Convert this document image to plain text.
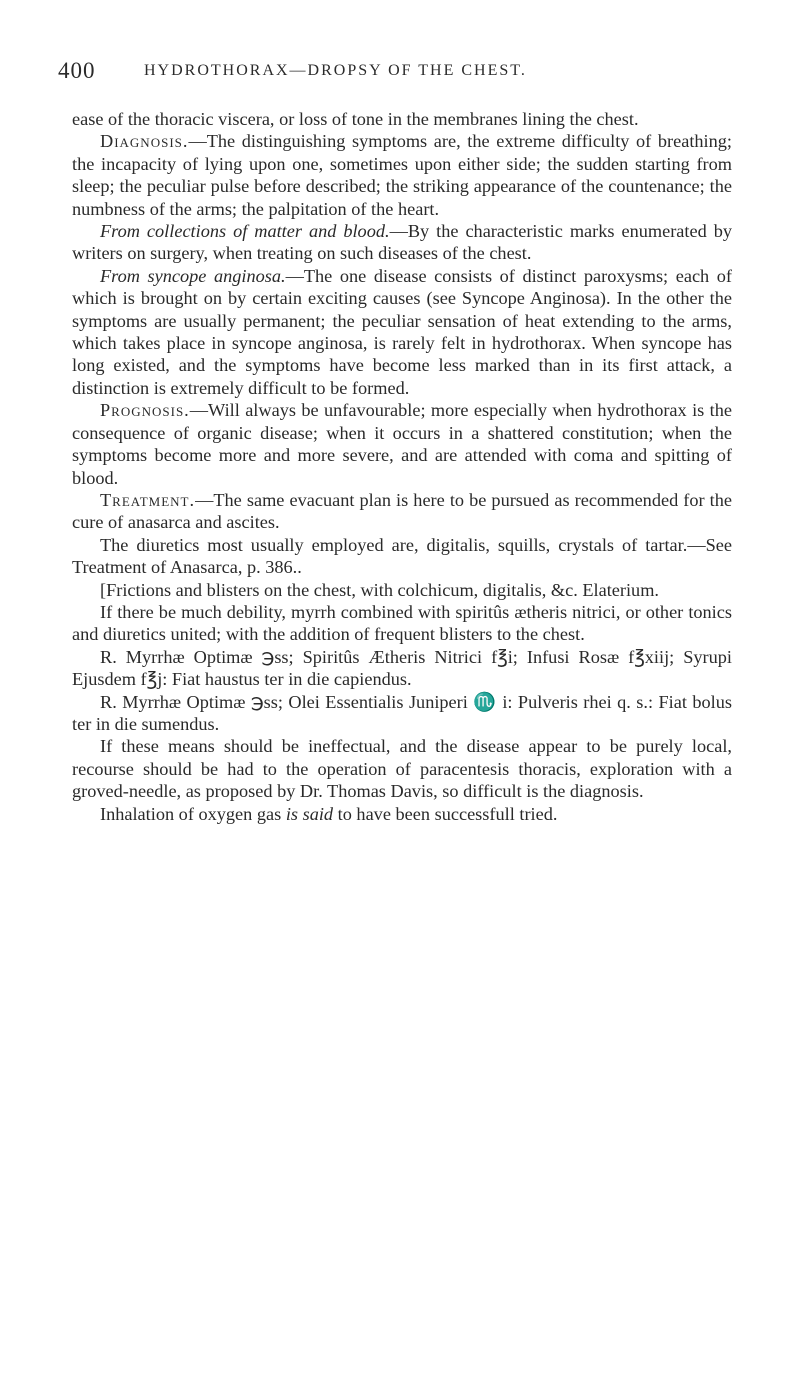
400	HYDROTHORAX—DROPSY OF THE CHEST.

ease of the thoracic viscera, or loss of tone in the membranes lining the chest.

Diagnosis.—The distinguishing symptoms are, the extreme difficulty of breathing; the incapacity of lying upon one, sometimes upon either side; the sudden starting from sleep; the peculiar pulse before described; the striking appearance of the countenance; the numbness of the arms; the palpitation of the heart.

From collections of matter and blood.—By the characteristic marks enumerated by writers on surgery, when treating on such diseases of the chest.

From syncope anginosa.—The one disease consists of distinct paroxysms; each of which is brought on by certain exciting causes (see Syncope Anginosa). In the other the symptoms are usually permanent; the peculiar sensation of heat extending to the arms, which takes place in syncope anginosa, is rarely felt in hydrothorax. When syncope has long existed, and the symptoms have become less marked than in its first attack, a distinction is extremely difficult to be formed.

Prognosis.—Will always be unfavourable; more especially when hydrothorax is the consequence of organic disease; when it occurs in a shattered constitution; when the symptoms become more and more severe, and are attended with coma and spitting of blood.

Treatment.—The same evacuant plan is here to be pursued as recommended for the cure of anasarca and ascites.

The diuretics most usually employed are, digitalis, squills, crystals of tartar.—See Treatment of Anasarca, p. 386..

[Frictions and blisters on the chest, with colchicum, digitalis, &c. Elaterium.

If there be much debility, myrrh combined with spiritûs ætheris nitrici, or other tonics and diuretics united; with the addition of frequent blisters to the chest.

R. Myrrhæ Optimæ ℈ss; Spiritûs Ætheris Nitrici f℥i; Infusi Rosæ f℥xiij; Syrupi Ejusdem f℥j: Fiat haustus ter in die capiendus.

R. Myrrhæ Optimæ ℈ss; Olei Essentialis Juniperi ♏ i: Pulveris rhei q. s.: Fiat bolus ter in die sumendus.

If these means should be ineffectual, and the disease appear to be purely local, recourse should be had to the operation of paracentesis thoracis, exploration with a groved-needle, as proposed by Dr. Thomas Davis, so difficult is the diagnosis.

Inhalation of oxygen gas is said to have been successfull tried.
